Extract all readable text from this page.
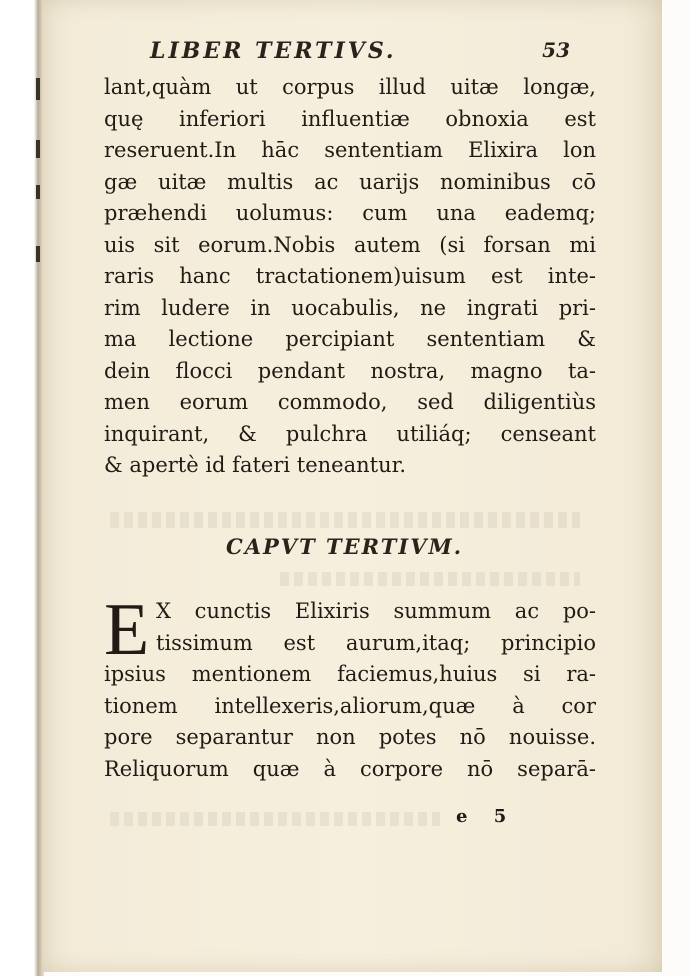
LIBER TERTIVS.	53
lant,quàm ut corpus illud uitæ longæ,
quę inferiori influentiæ obnoxia est
reseruent.In hāc sententiam Elixira lon
gæ uitæ multis ac uarijs nominibus cō
præhendi uolumus: cum una eademq;
uis sit eorum.Nobis autem (si forsan mi
raris hanc tractationem)uisum est inte-
rim ludere in uocabulis, ne ingrati pri-
ma lectione percipiant sententiam &
dein flocci pendant nostra, magno ta-
men eorum commodo, sed diligentiùs
inquirant, & pulchra utiliáq; censeant
& apertè id fateri teneantur.
CAPVT TERTIVM.
E X cunctis Elixiris summum ac po-
tissimum est aurum,itaq; principio
ipsius mentionem faciemus,huius si ra-
tionem intellexeris,aliorum,quæ à cor
pore separantur non potes nō nouisse.
Reliquorum quæ à corpore nō separā-
e 5
